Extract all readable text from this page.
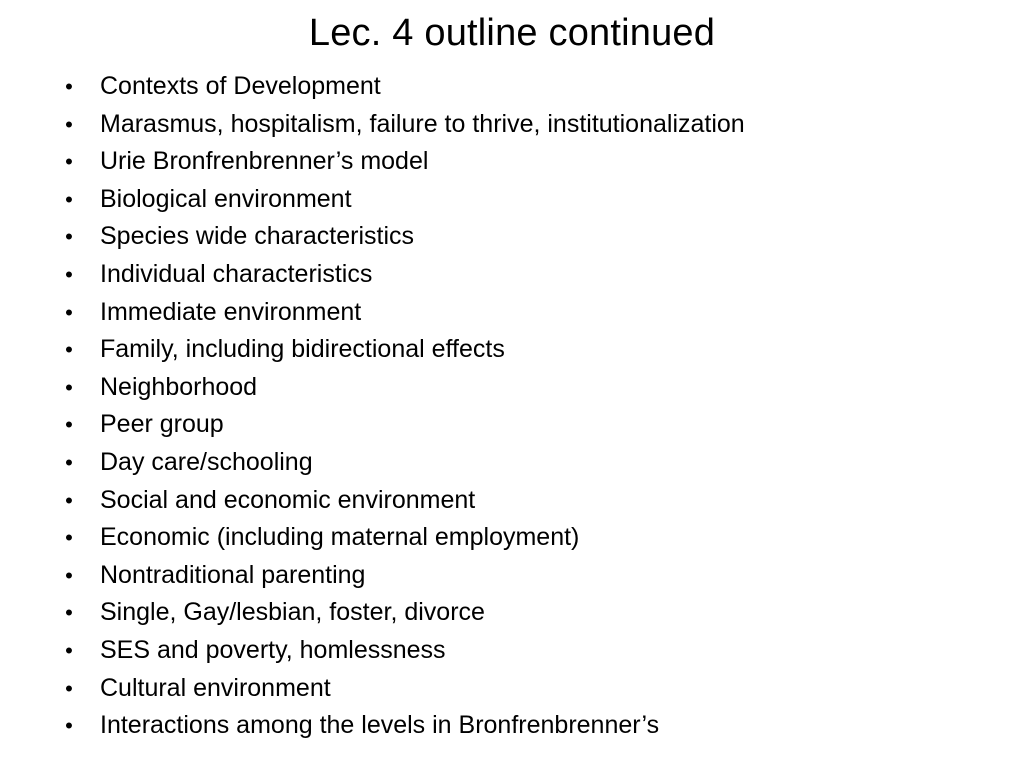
Lec. 4 outline continued
• Contexts of Development
• Marasmus, hospitalism, failure to thrive, institutionalization
• Urie Bronfrenbrenner’s model
• Biological environment
• Species wide characteristics
• Individual characteristics
• Immediate environment
• Family, including bidirectional effects
• Neighborhood
• Peer group
• Day care/schooling
• Social and economic environment
• Economic (including maternal employment)
• Nontraditional parenting
• Single, Gay/lesbian, foster, divorce
• SES and poverty, homlessness
• Cultural environment
• Interactions among the levels in Bronfrenbrenner’s
